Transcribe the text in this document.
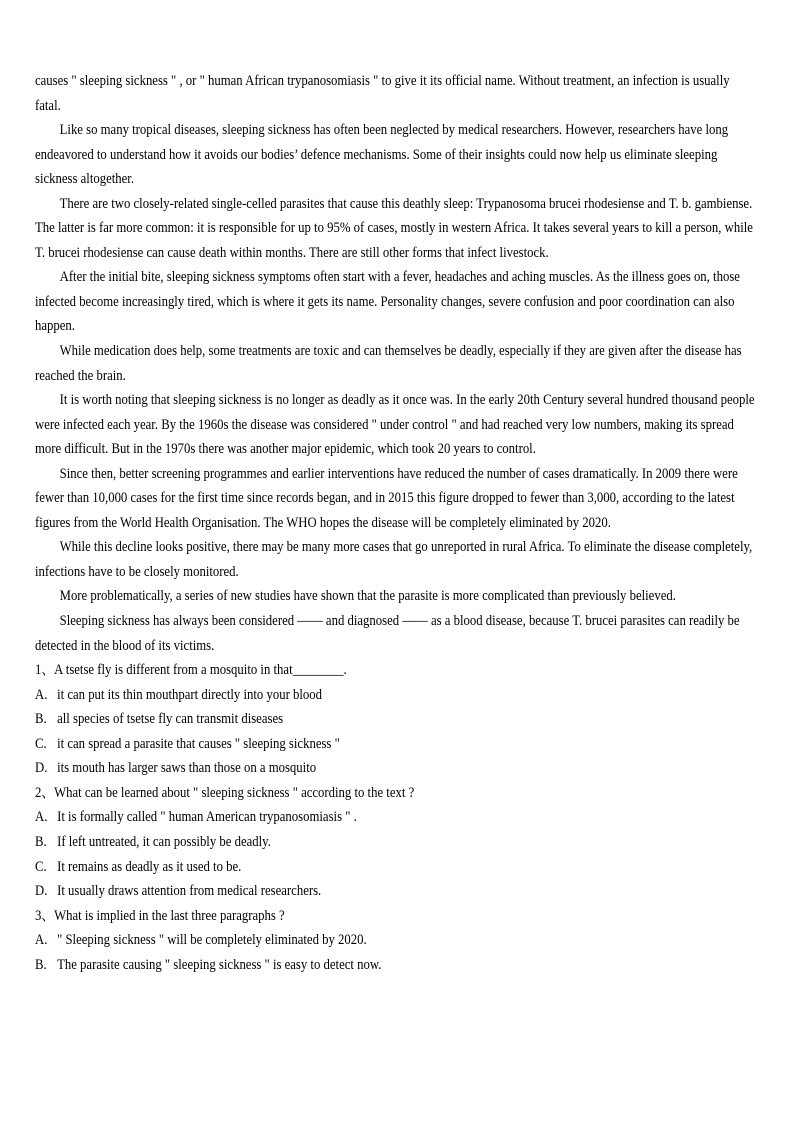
causes " sleeping sickness " , or " human African trypanosomiasis " to give it its official name. Without treatment, an infection is usually fatal.

Like so many tropical diseases, sleeping sickness has often been neglected by medical researchers. However, researchers have long endeavored to understand how it avoids our bodies’ defence mechanisms. Some of their insights could now help us eliminate sleeping sickness altogether.

There are two closely-related single-celled parasites that cause this deathly sleep: Trypanosoma brucei rhodesiense and T. b. gambiense. The latter is far more common: it is responsible for up to 95% of cases, mostly in western Africa. It takes several years to kill a person, while T. brucei rhodesiense can cause death within months. There are still other forms that infect livestock.

After the initial bite, sleeping sickness symptoms often start with a fever, headaches and aching muscles. As the illness goes on, those infected become increasingly tired, which is where it gets its name. Personality changes, severe confusion and poor coordination can also happen.

While medication does help, some treatments are toxic and can themselves be deadly, especially if they are given after the disease has reached the brain.

It is worth noting that sleeping sickness is no longer as deadly as it once was. In the early 20th Century several hundred thousand people were infected each year. By the 1960s the disease was considered " under control " and had reached very low numbers, making its spread more difficult. But in the 1970s there was another major epidemic, which took 20 years to control.

Since then, better screening programmes and earlier interventions have reduced the number of cases dramatically. In 2009 there were fewer than 10,000 cases for the first time since records began, and in 2015 this figure dropped to fewer than 3,000, according to the latest figures from the World Health Organisation. The WHO hopes the disease will be completely eliminated by 2020.

While this decline looks positive, there may be many more cases that go unreported in rural Africa. To eliminate the disease completely, infections have to be closely monitored.

More problematically, a series of new studies have shown that the parasite is more complicated than previously believed.

Sleeping sickness has always been considered —— and diagnosed —— as a blood disease, because T. brucei parasites can readily be detected in the blood of its victims.

1、A tsetse fly is different from a mosquito in that________.

A. it can put its thin mouthpart directly into your blood
B. all species of tsetse fly can transmit diseases
C. it can spread a parasite that causes " sleeping sickness "
D. its mouth has larger saws than those on a mosquito

2、What can be learned about " sleeping sickness " according to the text ?

A. It is formally called " human American trypanosomiasis " .
B. If left untreated, it can possibly be deadly.
C. It remains as deadly as it used to be.
D. It usually draws attention from medical researchers.

3、What is implied in the last three paragraphs ?

A. " Sleeping sickness " will be completely eliminated by 2020.
B. The parasite causing " sleeping sickness " is easy to detect now.
